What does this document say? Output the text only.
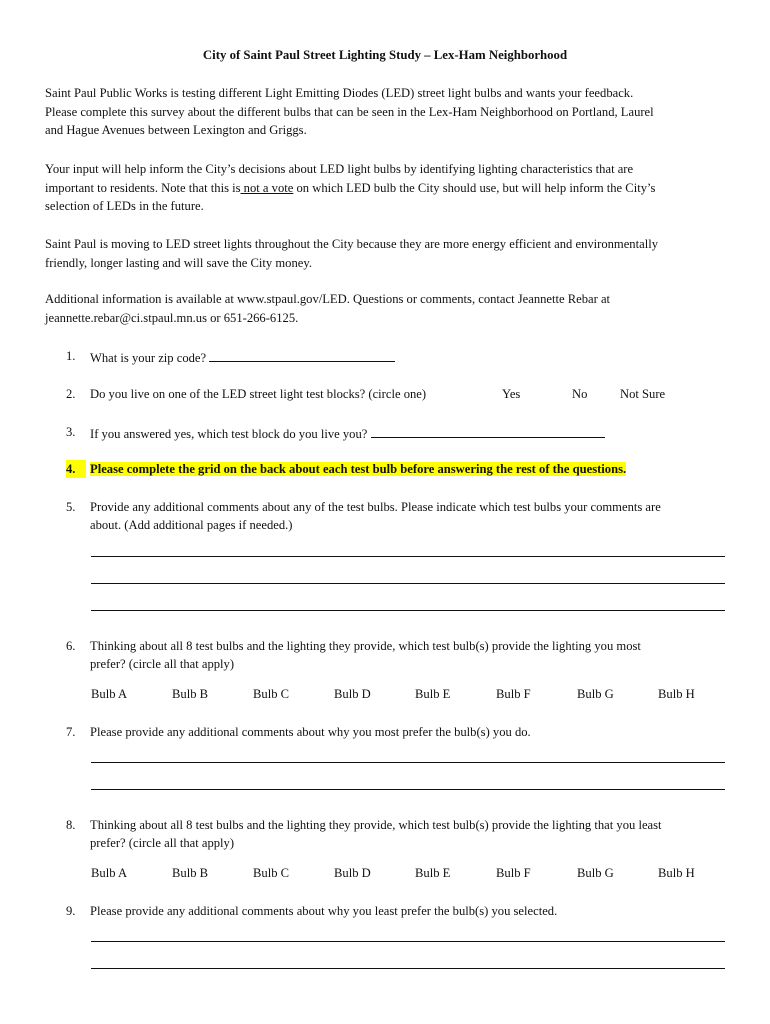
City of Saint Paul Street Lighting Study – Lex-Ham Neighborhood
Saint Paul Public Works is testing different Light Emitting Diodes (LED) street light bulbs and wants your feedback.
Please complete this survey about the different bulbs that can be seen in the Lex-Ham Neighborhood on Portland, Laurel
and Hague Avenues between Lexington and Griggs.
Your input will help inform the City’s decisions about LED light bulbs by identifying lighting characteristics that are
important to residents. Note that this is not a vote on which LED bulb the City should use, but will help inform the City’s
selection of LEDs in the future.
Saint Paul is moving to LED street lights throughout the City because they are more energy efficient and environmentally
friendly, longer lasting and will save the City money.
Additional information is available at www.stpaul.gov/LED. Questions or comments, contact Jeannette Rebar at
jeannette.rebar@ci.stpaul.mn.us or 651-266-6125.
1.	What is your zip code?
2.	Do you live on one of the LED street light test blocks? (circle one)	Yes	No	Not Sure
3.	If you answered yes, which test block do you live you?
4.	Please complete the grid on the back about each test bulb before answering the rest of the questions.
5.	Provide any additional comments about any of the test bulbs. Please indicate which test bulbs your comments are
about. (Add additional pages if needed.)
6.	Thinking about all 8 test bulbs and the lighting they provide, which test bulb(s) provide the lighting you most
prefer? (circle all that apply)
Bulb A	Bulb B	Bulb C	Bulb D	Bulb E	Bulb F	Bulb G	Bulb H
7.	Please provide any additional comments about why you most prefer the bulb(s) you do.
8.	Thinking about all 8 test bulbs and the lighting they provide, which test bulb(s) provide the lighting that you least
prefer? (circle all that apply)
Bulb A	Bulb B	Bulb C	Bulb D	Bulb E	Bulb F	Bulb G	Bulb H
9.	Please provide any additional comments about why you least prefer the bulb(s) you selected.
